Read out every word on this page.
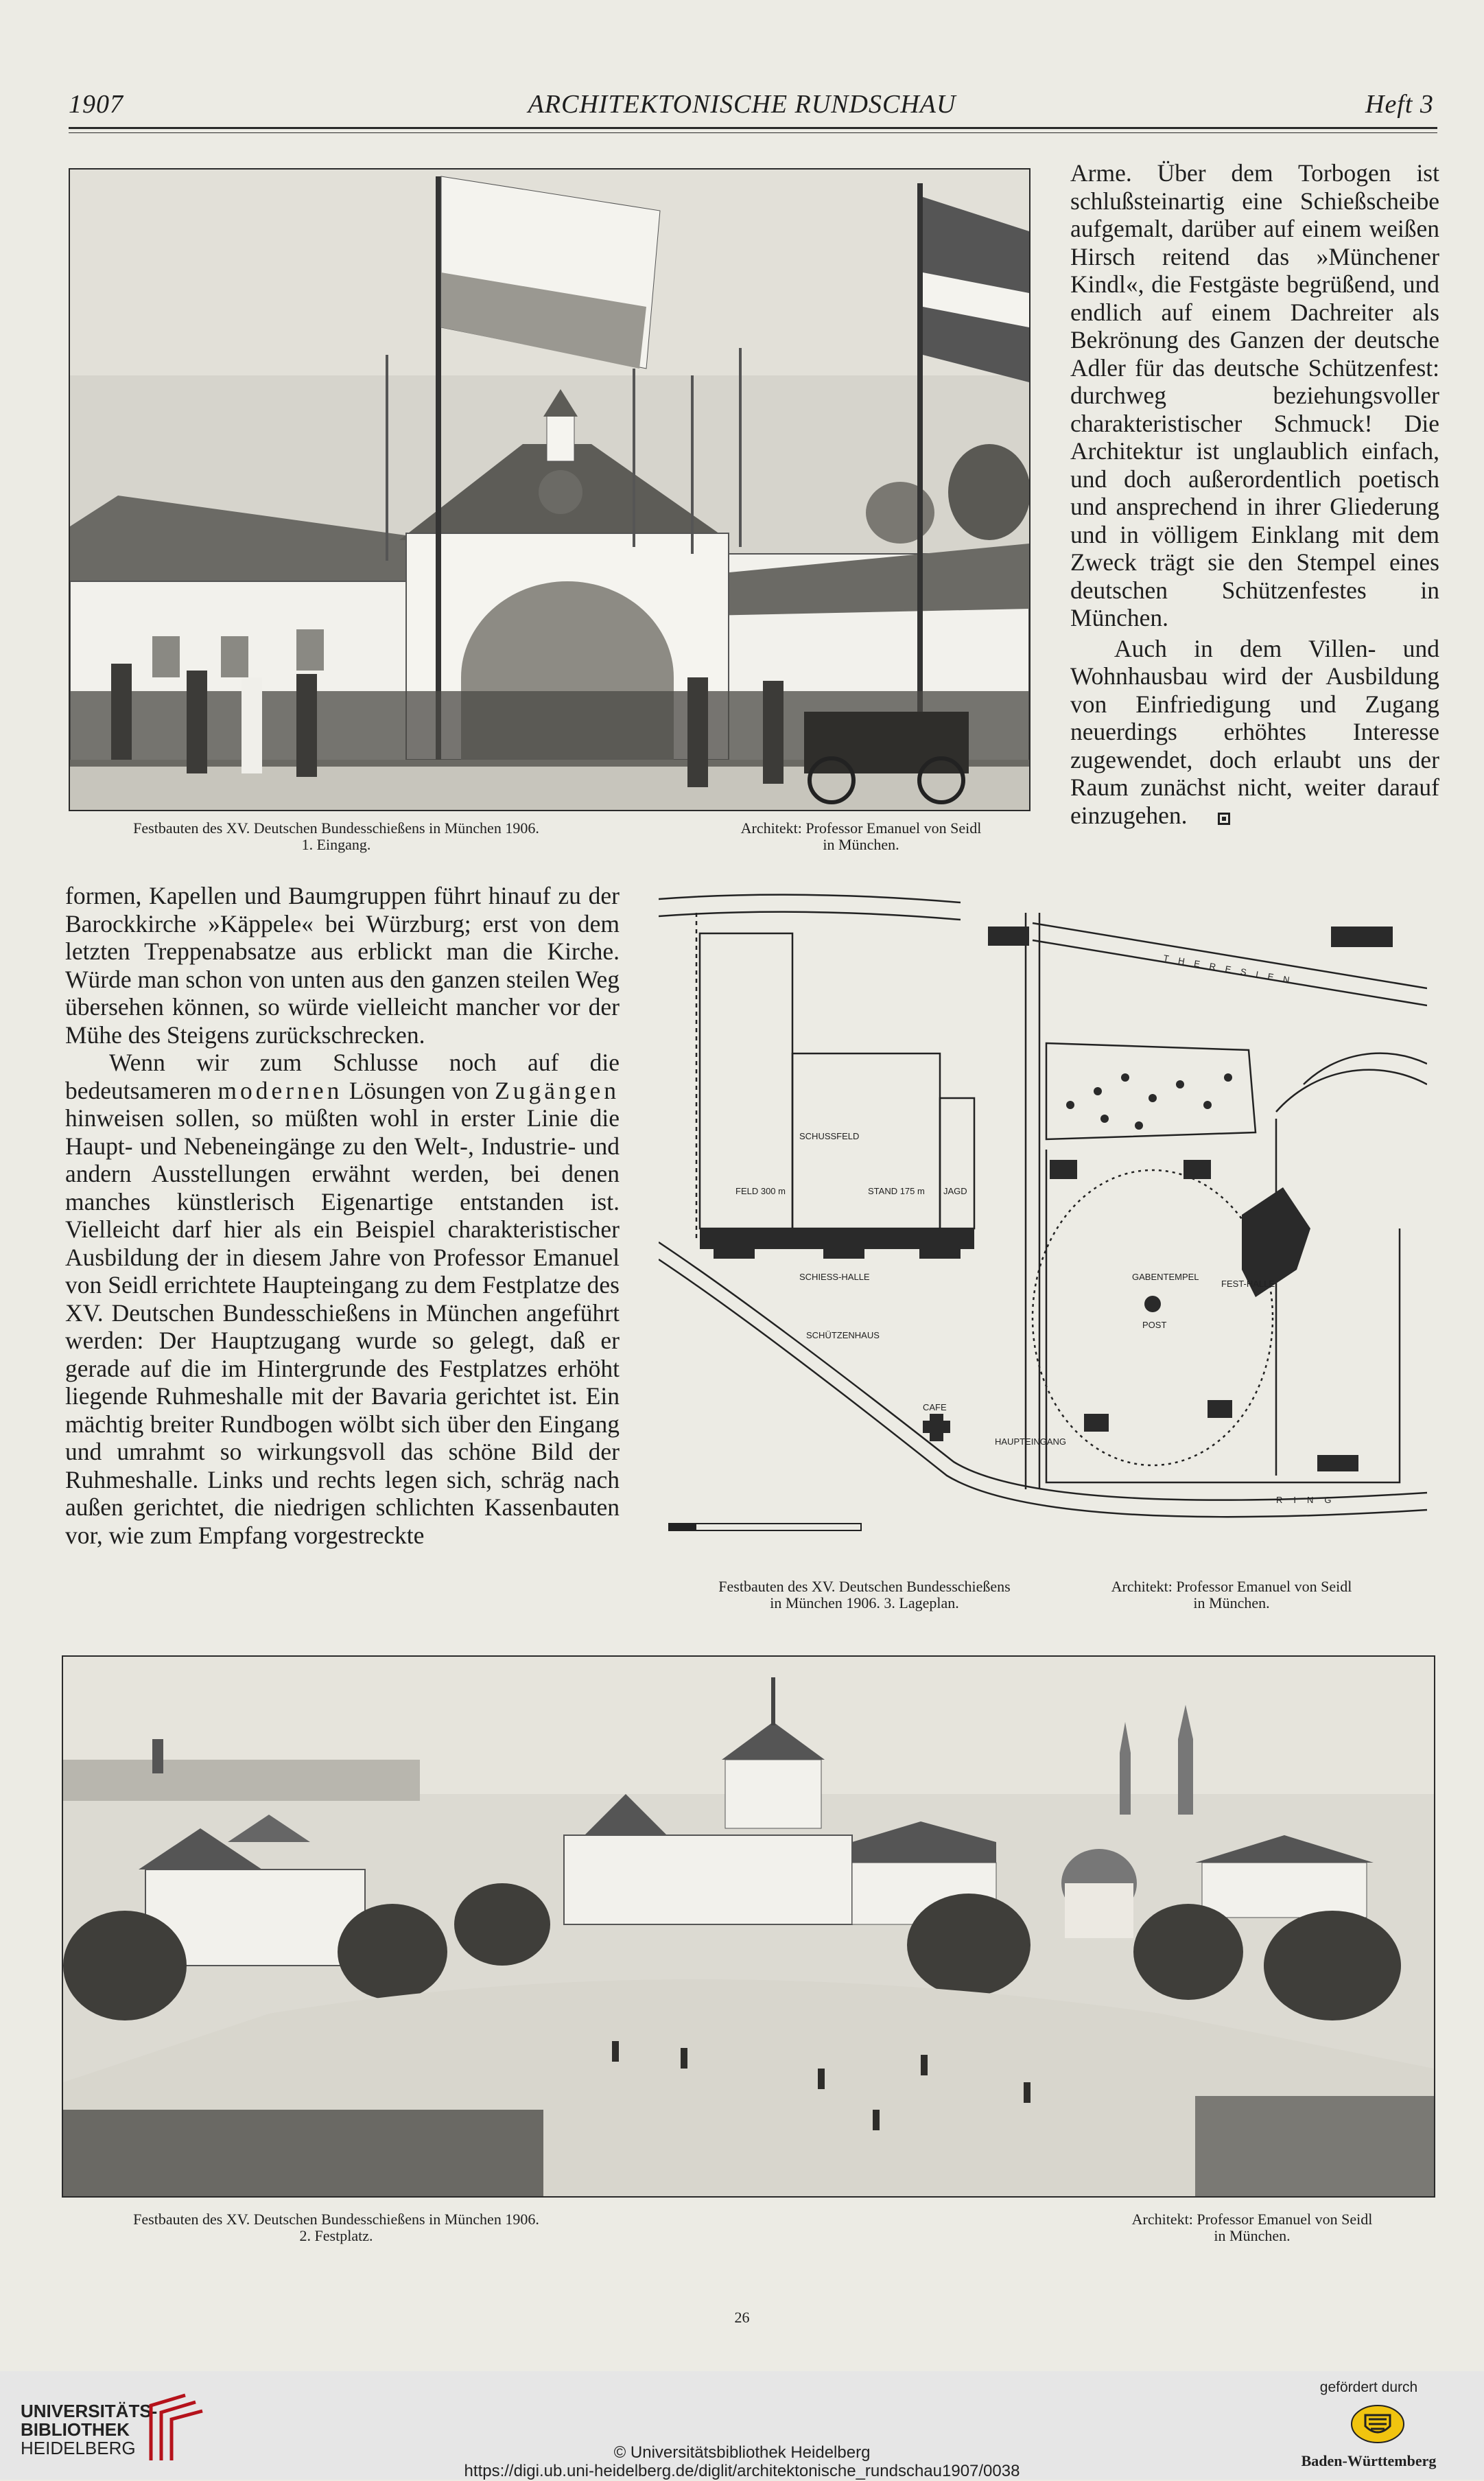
1907	ARCHITEKTONISCHE RUNDSCHAU	Heft 3
Festbauten des XV. Deutschen Bundesschießens in München 1906.
1. Eingang.
Architekt: Professor Emanuel von Seidl
in München.

Arme. Über dem Torbogen ist schlußsteinartig eine Schießscheibe aufgemalt, darüber auf einem weißen Hirsch reitend das »Münchener Kindl«, die Festgäste begrüßend, und endlich auf einem Dachreiter als Bekrönung des Ganzen der deutsche Adler für das deutsche Schützenfest: durchweg beziehungsvoller charakteristischer Schmuck! Die Architektur ist unglaublich einfach, und doch außerordentlich poetisch und ansprechend in ihrer Gliederung und in völligem Einklang mit dem Zweck trägt sie den Stempel eines deutschen Schützenfestes in München.

Auch in dem Villen- und Wohnhausbau wird der Ausbildung von Einfriedigung und Zugang neuerdings erhöhtes Interesse zugewendet, doch erlaubt uns der Raum zunächst nicht, weiter darauf einzugehen.

formen, Kapellen und Baumgruppen führt hinauf zu der Barockkirche »Käppele« bei Würzburg; erst von dem letzten Treppenabsatze aus erblickt man die Kirche. Würde man schon von unten aus den ganzen steilen Weg übersehen können, so würde vielleicht mancher vor der Mühe des Steigens zurückschrecken.

Wenn wir zum Schlusse noch auf die bedeutsameren modernen Lösungen von Zugängen hinweisen sollen, so müßten wohl in erster Linie die Haupt- und Nebeneingänge zu den Welt-, Industrie- und andern Ausstellungen erwähnt werden, bei denen manches künstlerisch Eigenartige entstanden ist. Vielleicht darf hier als ein Beispiel charakteristischer Ausbildung der in diesem Jahre von Professor Emanuel von Seidl errichtete Haupteingang zu dem Festplatze des XV. Deutschen Bundesschießens in München angeführt werden: Der Hauptzugang wurde so gelegt, daß er gerade auf die im Hintergrunde des Festplatzes erhöht liegende Ruhmeshalle mit der Bavaria gerichtet ist. Ein mächtig breiter Rundbogen wölbt sich über den Eingang und umrahmt so wirkungsvoll das schöne Bild der Ruhmeshalle. Links und rechts legen sich, schräg nach außen gerichtet, die niedrigen schlichten Kassenbauten vor, wie zum Empfang vorgestreckte

SCHUSSFELD
FELD 300 m	STAND 175 m JAGD
SCHIESS-HALLE
SCHÜTZENHAUS
CAFE
HAUPTEINGANG
POST
GABENTEMPEL
FEST-HALLE
THERESIEN
RING
Festbauten des XV. Deutschen Bundesschießens
in München 1906. 3. Lageplan.
Architekt: Professor Emanuel von Seidl
in München.
Festbauten des XV. Deutschen Bundesschießens in München 1906.
2. Festplatz.
Architekt: Professor Emanuel von Seidl
in München.
26
UNIVERSITÄTS-
BIBLIOTHEK
HEIDELBERG	© Universitätsbibliothek Heidelberg
https://digi.ub.uni-heidelberg.de/diglit/architektonische_rundschau1907/0038
gefördert durch
Baden-Württemberg
